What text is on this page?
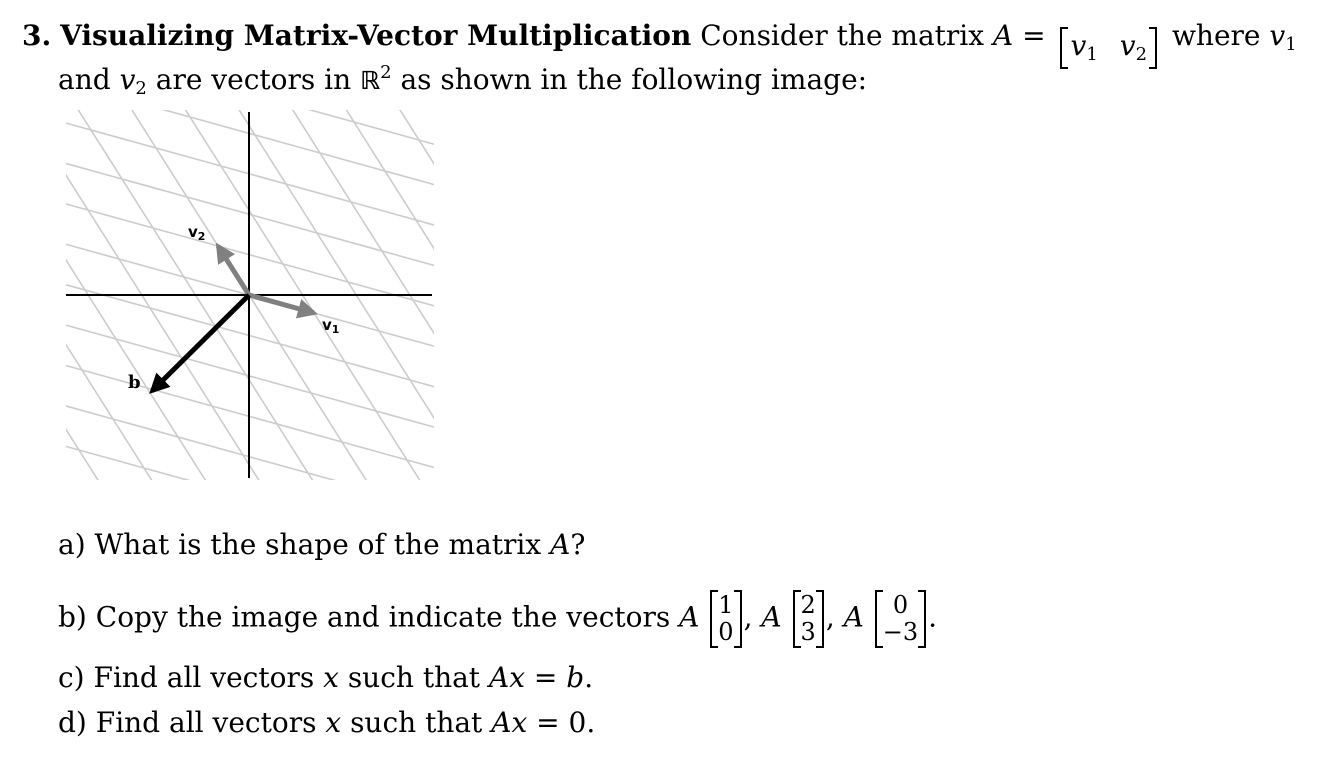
3. Visualizing Matrix-Vector Multiplication Consider the matrix $A = v_1$ $v_2$ where $v_1$
and $v_2$ are vectors in ℝ$^2$ as shown in the following image:
$v_1$
$v_2$
b
a) What is the shape of the matrix A?
b) Copy the image and indicate the vectors A 1
0 , A 2
3 , A	0
−3 .
c) Find all vectors x such that Ax = b.
d) Find all vectors x such that Ax = 0.
